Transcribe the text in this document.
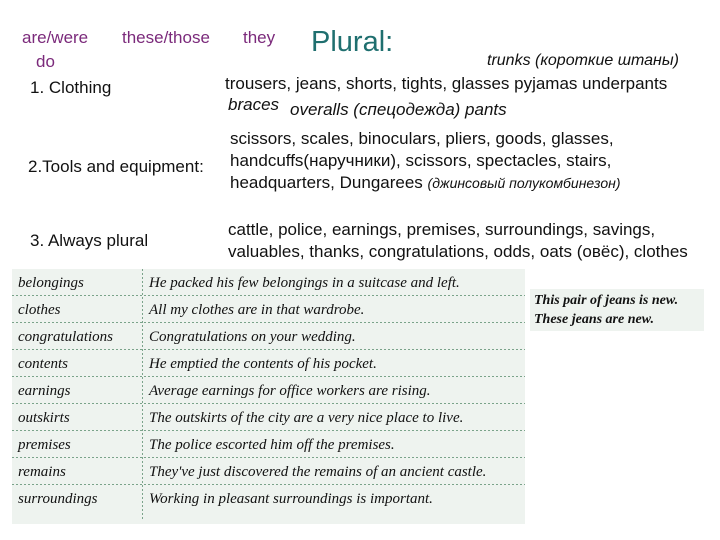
are/were
do
these/those they Plural:
1. Clothing
trunks (короткие штаны)
trousers, jeans, shorts, tights, glasses pyjamas underpants
braces overalls (спецодежда) pants
2.Tools and equipment:
scissors, scales, binoculars, pliers, goods, glasses,
handcuffs(наручники), scissors, spectacles, stairs,
headquarters, Dungarees (джинсовый полукомбинезон)
3. Always plural
cattle, police, earnings, premises, surroundings, savings,
valuables, thanks, congratulations, odds, oats (овёс), clothes
belongings	He packed his few belongings in a suitcase and left.
clothes	All my clothes are in that wardrobe.
congratulations Congratulations on your wedding.
contents	He emptied the contents of his pocket.
earnings	Average earnings for office workers are rising.
outskirts	The outskirts of the city are a very nice place to live.
premises	The police escorted him off the premises.
remains	They've just discovered the remains of an ancient castle.
surroundings	Working in pleasant surroundings is important.
This pair of jeans is new.
These jeans are new.
